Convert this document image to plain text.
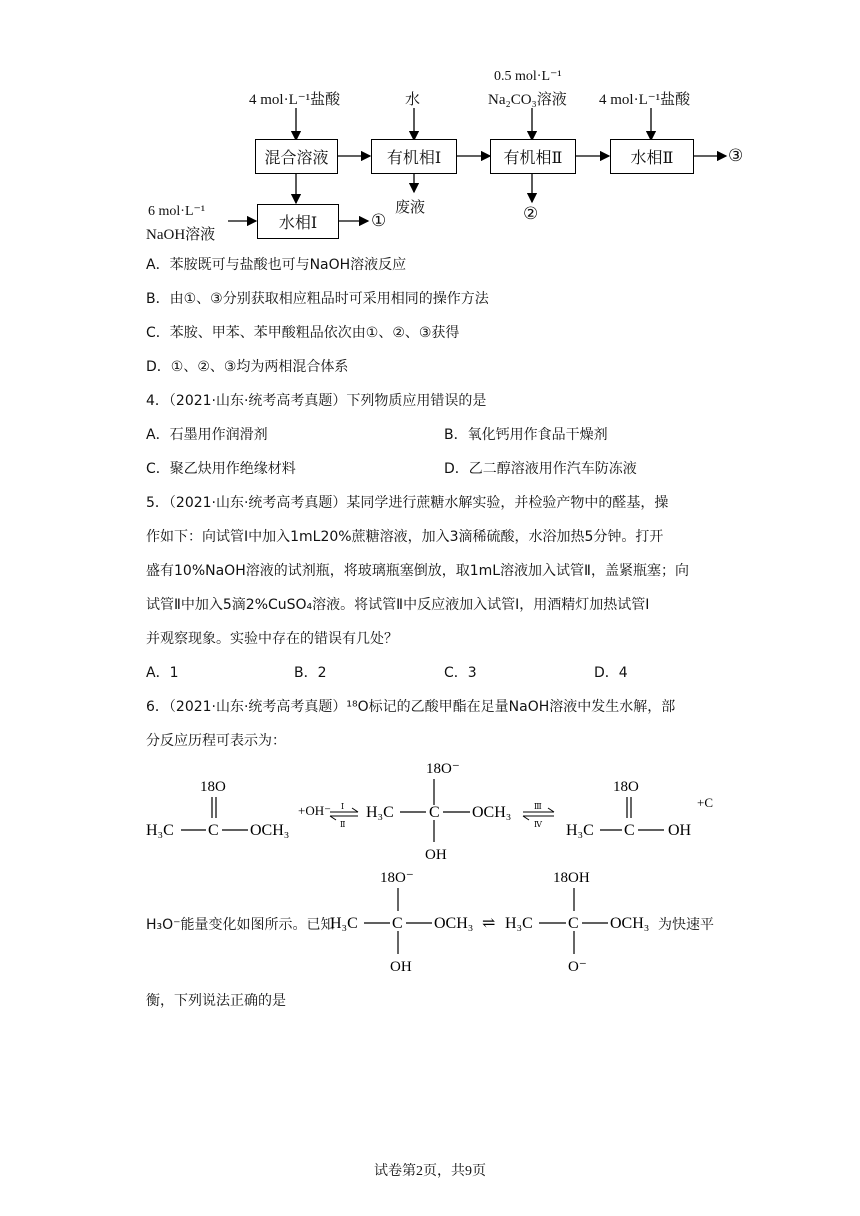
4 mol·L⁻¹盐酸	水
0.5 mol·L⁻¹
Na₂CO₃溶液 4 mol·L⁻¹盐酸
混合溶液	有机相Ⅰ	有机相Ⅱ	水相Ⅱ
水相Ⅰ
废液
①	②
③
6 mol·L⁻¹
NaOH溶液
A．苯胺既可与盐酸也可与NaOH溶液反应
B．由①、③分别获取相应粗品时可采用相同的操作方法
C．苯胺、甲苯、苯甲酸粗品依次由①、②、③获得
D．①、②、③均为两相混合体系
4．（2021·山东·统考高考真题）下列物质应用错误的是
A．石墨用作润滑剂	B．氧化钙用作食品干燥剂
C．聚乙炔用作绝缘材料	D．乙二醇溶液用作汽车防冻液
5．（2021·山东·统考高考真题）某同学进行蔗糖水解实验，并检验产物中的醛基，操
作如下：向试管Ⅰ中加入1mL20%蔗糖溶液，加入3滴稀硫酸，水浴加热5分钟。打开
盛有10%NaOH溶液的试剂瓶，将玻璃瓶塞倒放，取1mL溶液加入试管Ⅱ，盖紧瓶塞；向
试管Ⅱ中加入5滴2%CuSO₄溶液。将试管Ⅱ中反应液加入试管Ⅰ，用酒精灯加热试管Ⅰ
并观察现象。实验中存在的错误有几处？
A．1	B．2	C．3	D．4
6．（2021·山东·统考高考真题）¹⁸O标记的乙酸甲酯在足量NaOH溶液中发生水解，部
分反应历程可表示为：
18O
H₃C C OCH₃
+OH⁻ Ⅰ
Ⅱ
18O⁻
H₃C C OCH₃
OH
Ⅲ
Ⅳ
18O
H₃C C OH
+C
H₃O⁻能量变化如图所示。已知
18O⁻
H₃C C OCH₃
OH
⇌
18OH
H₃C C OCH₃
O⁻
为快速平
衡，下列说法正确的是
试卷第2页，共9页
